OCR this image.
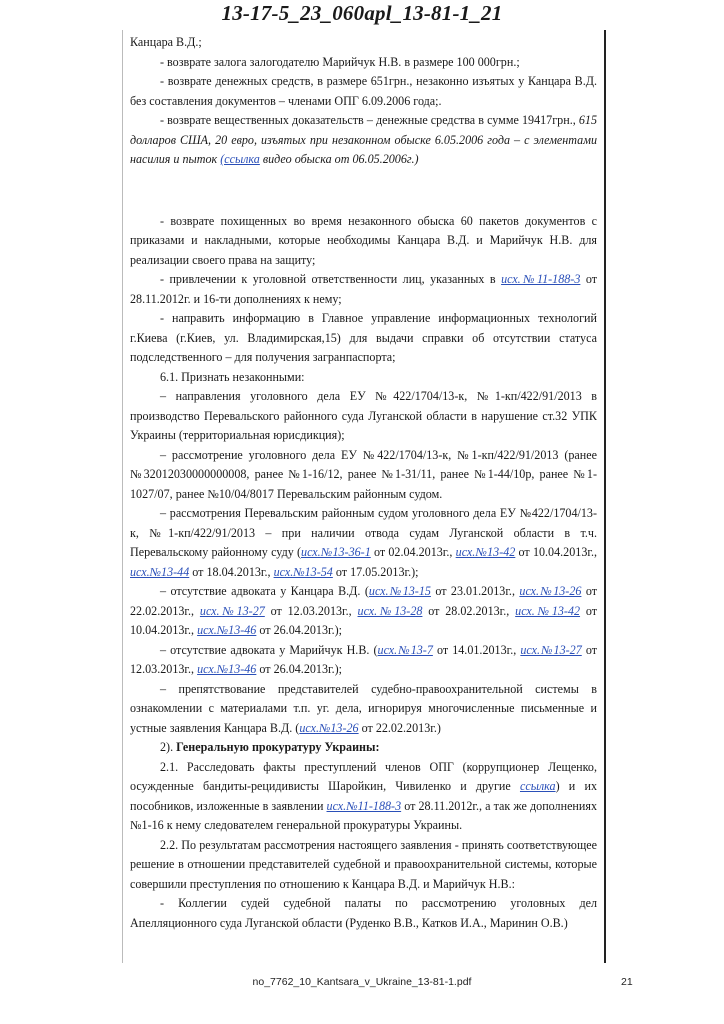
13-17-5_23_060apl_13-81-1_21

Канцара В.Д.;

- возврате залога залогодателю Марийчук Н.В. в размере 100 000грн.;

- возврате денежных средств, в размере 651грн., незаконно изъятых у Канцара В.Д. без составления документов – членами ОПГ 6.09.2006 года;.

- возврате вещественных доказательств – денежные средства в сумме 19417грн., 615 долларов США, 20 евро, изъятых при незаконном обыске 6.05.2006 года – с элементами насилия и пыток (ссылка видео обыска от 06.05.2006г.)

- возврате похищенных во время незаконного обыска 60 пакетов документов с приказами и накладными, которые необходимы Канцара В.Д. и Марийчук Н.В. для реализации своего права на защиту;

- привлечении к уголовной ответственности лиц, указанных в исх.№11-188-3 от 28.11.2012г. и 16-ти дополнениях к нему;

- направить информацию в Главное управление информационных технологий г.Киева (г.Киев, ул. Владимирская,15) для выдачи справки об отсутствии статуса подследственного – для получения загранпаспорта;

6.1. Признать незаконными:

– направления уголовного дела ЕУ №422/1704/13-к, №1-кп/422/91/2013 в производство Перевальского районного суда Луганской области в нарушение ст.32 УПК Украины (территориальная юрисдикция);

– рассмотрение уголовного дела ЕУ №422/1704/13-к, №1-кп/422/91/2013 (ранее №32012030000000008, ранее №1-16/12, ранее №1-31/11, ранее №1-44/10р, ранее №1-1027/07, ранее №10/04/8017 Перевальским районным судом.

– рассмотрения Перевальским районным судом уголовного дела ЕУ №422/1704/13-к, №1-кп/422/91/2013 – при наличии отвода судам Луганской области в т.ч. Перевальскому районному суду (исх.№13-36-1 от 02.04.2013г., исх.№13-42 от 10.04.2013г., исх.№13-44 от 18.04.2013г., исх.№13-54 от 17.05.2013г.);

– отсутствие адвоката у Канцара В.Д. (исх.№13-15 от 23.01.2013г., исх.№13-26 от 22.02.2013г., исх.№13-27 от 12.03.2013г., исх.№13-28 от 28.02.2013г., исх.№13-42 от 10.04.2013г., исх.№13-46 от 26.04.2013г.);

– отсутствие адвоката у Марийчук Н.В. (исх.№13-7 от 14.01.2013г., исх.№13-27 от 12.03.2013г., исх.№13-46 от 26.04.2013г.);

– препятствование представителей судебно-правоохранительной системы в ознакомлении с материалами т.п. уг. дела, игнорируя многочисленные письменные и устные заявления Канцара В.Д. (исх.№13-26 от 22.02.2013г.)

2). Генеральную прокуратуру Украины:

2.1. Расследовать факты преступлений членов ОПГ (коррупционер Лещенко, осужденные бандиты-рецидивисты Шаройкин, Чивиленко и другие ссылка) и их пособников, изложенные в заявлении исх.№11-188-3 от 28.11.2012г., а так же дополнениях №1-16 к нему следователем генеральной прокуратуры Украины.

2.2. По результатам рассмотрения настоящего заявления - принять соответствующее решение в отношении представителей судебной и правоохранительной системы, которые совершили преступления по отношению к Канцара В.Д. и Марийчук Н.В.:

- Коллегии судей судебной палаты по рассмотрению уголовных дел Апелляционного суда Луганской области (Руденко В.В., Катков И.А., Маринин О.В.)

no_7762_10_Kantsara_v_Ukraine_13-81-1.pdf	21
